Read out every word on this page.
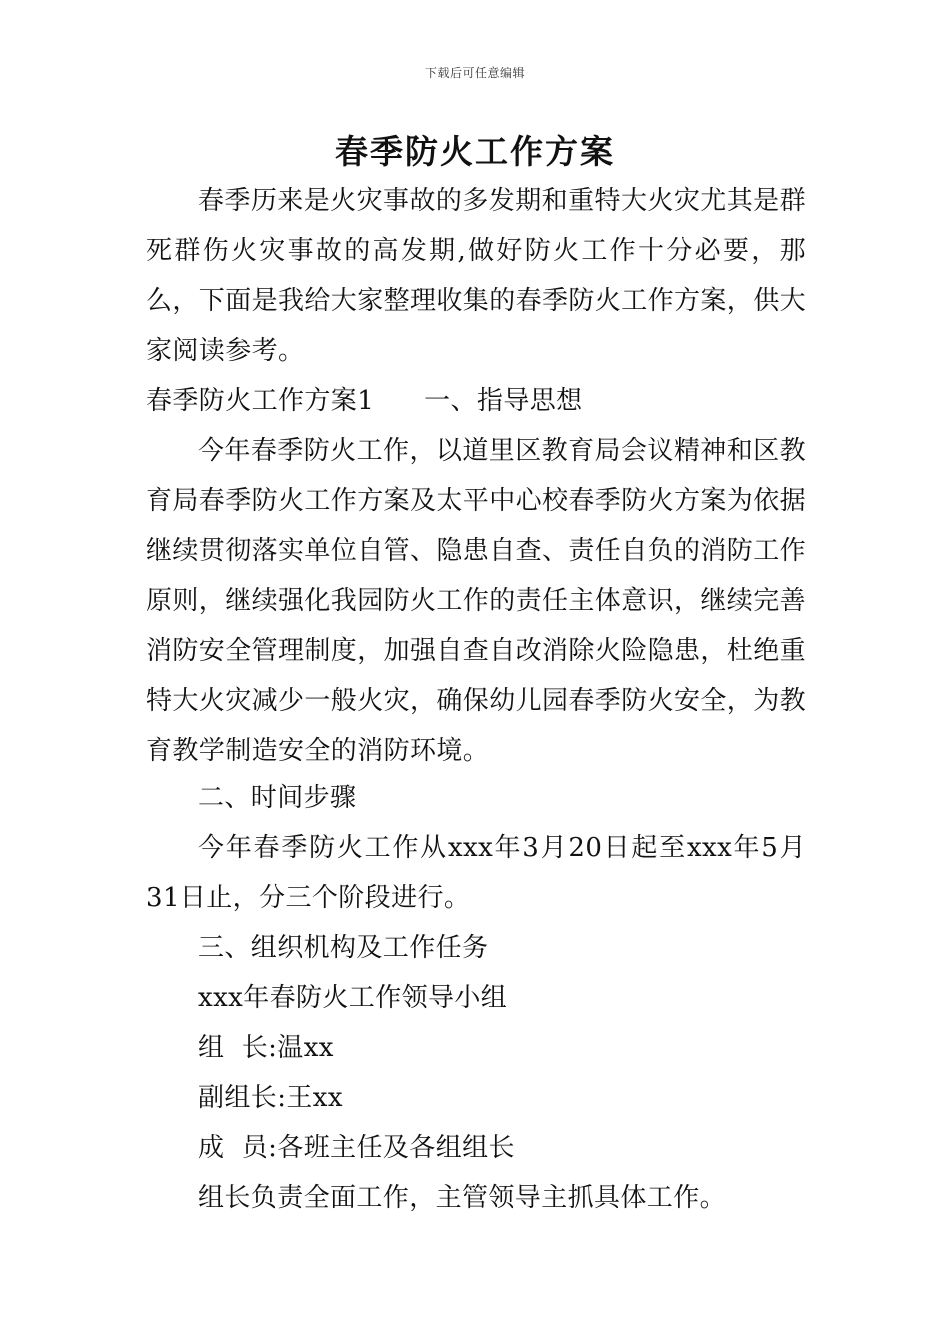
下载后可任意编辑
春季防火工作方案

春季历来是火灾事故的多发期和重特大火灾尤其是群死群伤火灾事故的高发期,做好防火工作十分必要，那么，下面是我给大家整理收集的春季防火工作方案，供大家阅读参考。

春季防火工作方案1 一、指导思想

今年春季防火工作，以道里区教育局会议精神和区教育局春季防火工作方案及太平中心校春季防火方案为依据继续贯彻落实单位自管、隐患自查、责任自负的消防工作原则，继续强化我园防火工作的责任主体意识，继续完善消防安全管理制度，加强自查自改消除火险隐患，杜绝重特大火灾减少一般火灾，确保幼儿园春季防火安全，为教育教学制造安全的消防环境。

二、时间步骤

今年春季防火工作从xxx年3月20日起至xxx年5月31日止，分三个阶段进行。

三、组织机构及工作任务

xxx年春防火工作领导小组

组  长:温xx

副组长:王xx

成  员:各班主任及各组组长

组长负责全面工作，主管领导主抓具体工作。
